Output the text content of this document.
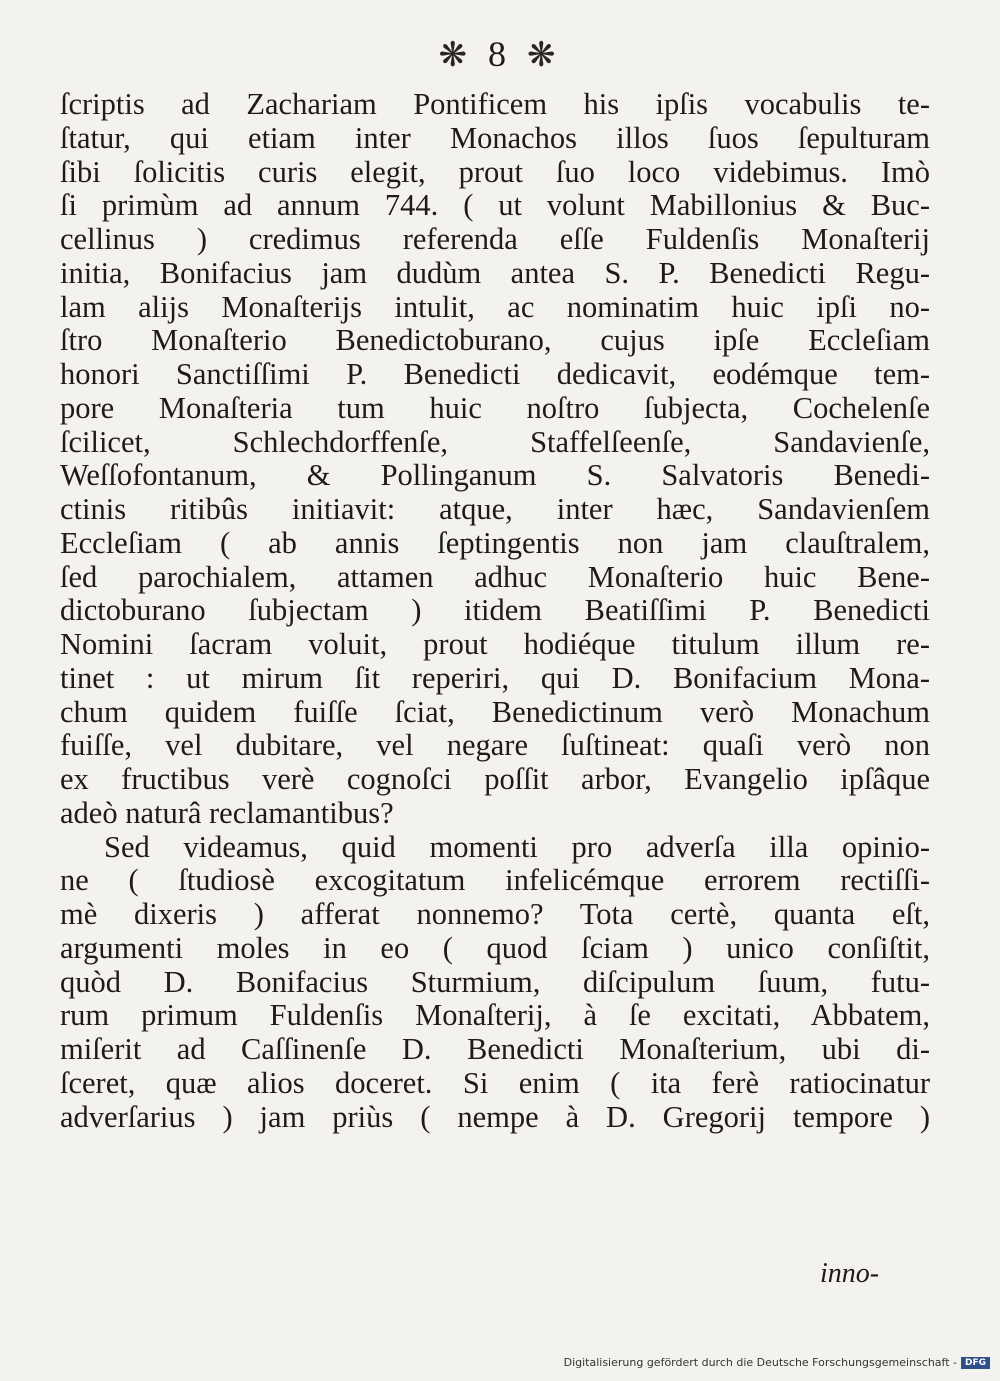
❋ 8 ❋
ſcriptis ad Zachariam Pontificem his ipſis vocabulis te-
ſtatur, qui etiam inter Monachos illos ſuos ſepulturam
ſibi ſolicitis curis elegit, prout ſuo loco videbimus. Imò
ſi primùm ad annum 744. ( ut volunt Mabillonius & Buc-
cellinus ) credimus referenda eſſe Fuldenſis Monaſterij
initia, Bonifacius jam dudùm antea S. P. Benedicti Regu-
lam alijs Monaſterijs intulit, ac nominatim huic ipſi no-
ſtro Monaſterio Benedictoburano, cujus ipſe Eccleſiam
honori Sanctiſſimi P. Benedicti dedicavit, eodémque tem-
pore Monaſteria tum huic noſtro ſubjecta, Cochelenſe
ſcilicet, Schlechdorffenſe, Staffelſeenſe, Sandavienſe,
Weſſofontanum, & Pollinganum S. Salvatoris Benedi-
ctinis ritibûs initiavit: atque, inter hæc, Sandavienſem
Eccleſiam ( ab annis ſeptingentis non jam clauſtralem,
ſed parochialem, attamen adhuc Monaſterio huic Bene-
dictoburano ſubjectam ) itidem Beatiſſimi P. Benedicti
Nomini ſacram voluit, prout hodiéque titulum illum re-
tinet : ut mirum ſit reperiri, qui D. Bonifacium Mona-
chum quidem fuiſſe ſciat, Benedictinum verò Monachum
fuiſſe, vel dubitare, vel negare ſuſtineat: quaſi verò non
ex fructibus verè cognoſci poſſit arbor, Evangelio ipſâque
adeò naturâ reclamantibus?
Sed videamus, quid momenti pro adverſa illa opinio-
ne ( ſtudiosè excogitatum infelicémque errorem rectiſſi-
mè dixeris ) afferat nonnemo? Tota certè, quanta eſt,
argumenti moles in eo ( quod ſciam ) unico conſiſtit,
quòd D. Bonifacius Sturmium, diſcipulum ſuum, futu-
rum primum Fuldenſis Monaſterij, à ſe excitati, Abbatem,
miſerit ad Caſſinenſe D. Benedicti Monaſterium, ubi di-
ſceret, quæ alios doceret. Si enim ( ita ferè ratiocinatur
adverſarius ) jam priùs ( nempe à D. Gregorij tempore )
inno-
Digitalisierung gefördert durch die Deutsche Forschungsgemeinschaft - DFG
